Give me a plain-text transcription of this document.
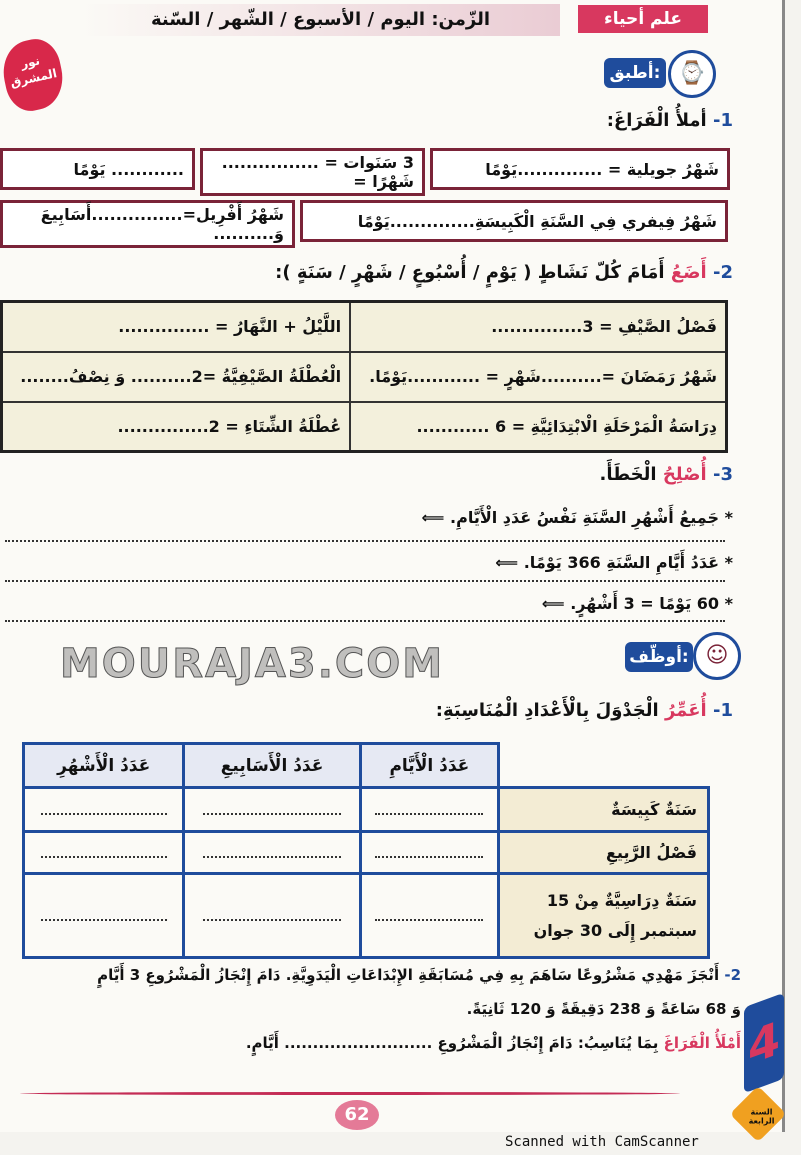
علم أحياء
الزّمن: اليوم / الأسبوع / الشّهر / السّنة
نور المشرق	⌚
أطبق:
1- أملأُ الْفَرَاغَ:
شَهْرُ جويلية = ..............يَوْمًا
3 سَنَوات = ................ شَهْرًا =
............ يَوْمًا
شَهْرُ فِيفري فِي السَّنَةِ الْكَبِيسَةِ..............يَوْمًا
شَهْرُ أَفْرِيل=...............أَسَابِيعَ وَ..........
2- أَضَعُ أَمَامَ كُلّ نَشَاطٍ ( يَوْمٍ / أُسْبُوعٍ / شَهْرٍ / سَنَةٍ ):
اللَّيْلُ + النَّهَارُ = ...............	فَصْلُ الصَّيْفِ = 3...............
الْعُطْلَةُ الصَّيْفِيَّةُ =2.......... وَ نِصْفُ........	شَهْرُ رَمَضَانَ =..........شَهْرٍ = ............يَوْمًا.
عُطْلَةُ الشِّتَاءِ = 2...............	دِرَاسَةُ الْمَرْحَلَةِ الْابْتِدَائِيَّةِ = 6 ............
3- أُصْلِحُ الْخَطَأَ.
* جَمِيعُ أَشْهُرِ السَّنَةِ نَفْسُ عَدَدِ الْأَيَّامِ. ⟸
* عَدَدُ أَيَّامِ السَّنَةِ 366 يَوْمًا. ⟸
* 60 يَوْمًا = 3 أَشْهُرٍ. ⟸
MOURAJA3.COM	☺
أوظّف:
1- أُعَمِّرُ الْجَدْوَلَ بِالْأَعْدَادِ الْمُنَاسِبَةِ:
عَدَدُ الْأَشْهُرِ	عَدَدُ الْأَسَابِيعِ	عَدَدُ الْأَيَّامِ	
			سَنَةٌ كَبِيسَةٌ
			فَصْلُ الرَّبِيعِ
			سَنَةٌ دِرَاسِيَّةٌ مِنْ 15 سبتمبر إِلَى 30 جوان
2- أَنْجَزَ مَهْدِي مَشْرُوعًا سَاهَمَ بِهِ فِي مُسَابَقَةِ الإِبْدَاعَاتِ الْيَدَوِيَّةِ. دَامَ إِنْجَازُ الْمَشْرُوعِ 3 أَيَّامٍ
وَ 68 سَاعَةً وَ 238 دَقِيقَةً وَ 120 ثَانِيَةً.
أَمْلَأُ الْفَرَاغَ بِمَا يُنَاسِبُ: دَامَ إِنْجَازُ الْمَشْرُوعِ .......................... أَيَّامٍ.	4
السنة الرابعة
62
Scanned with CamScanner
